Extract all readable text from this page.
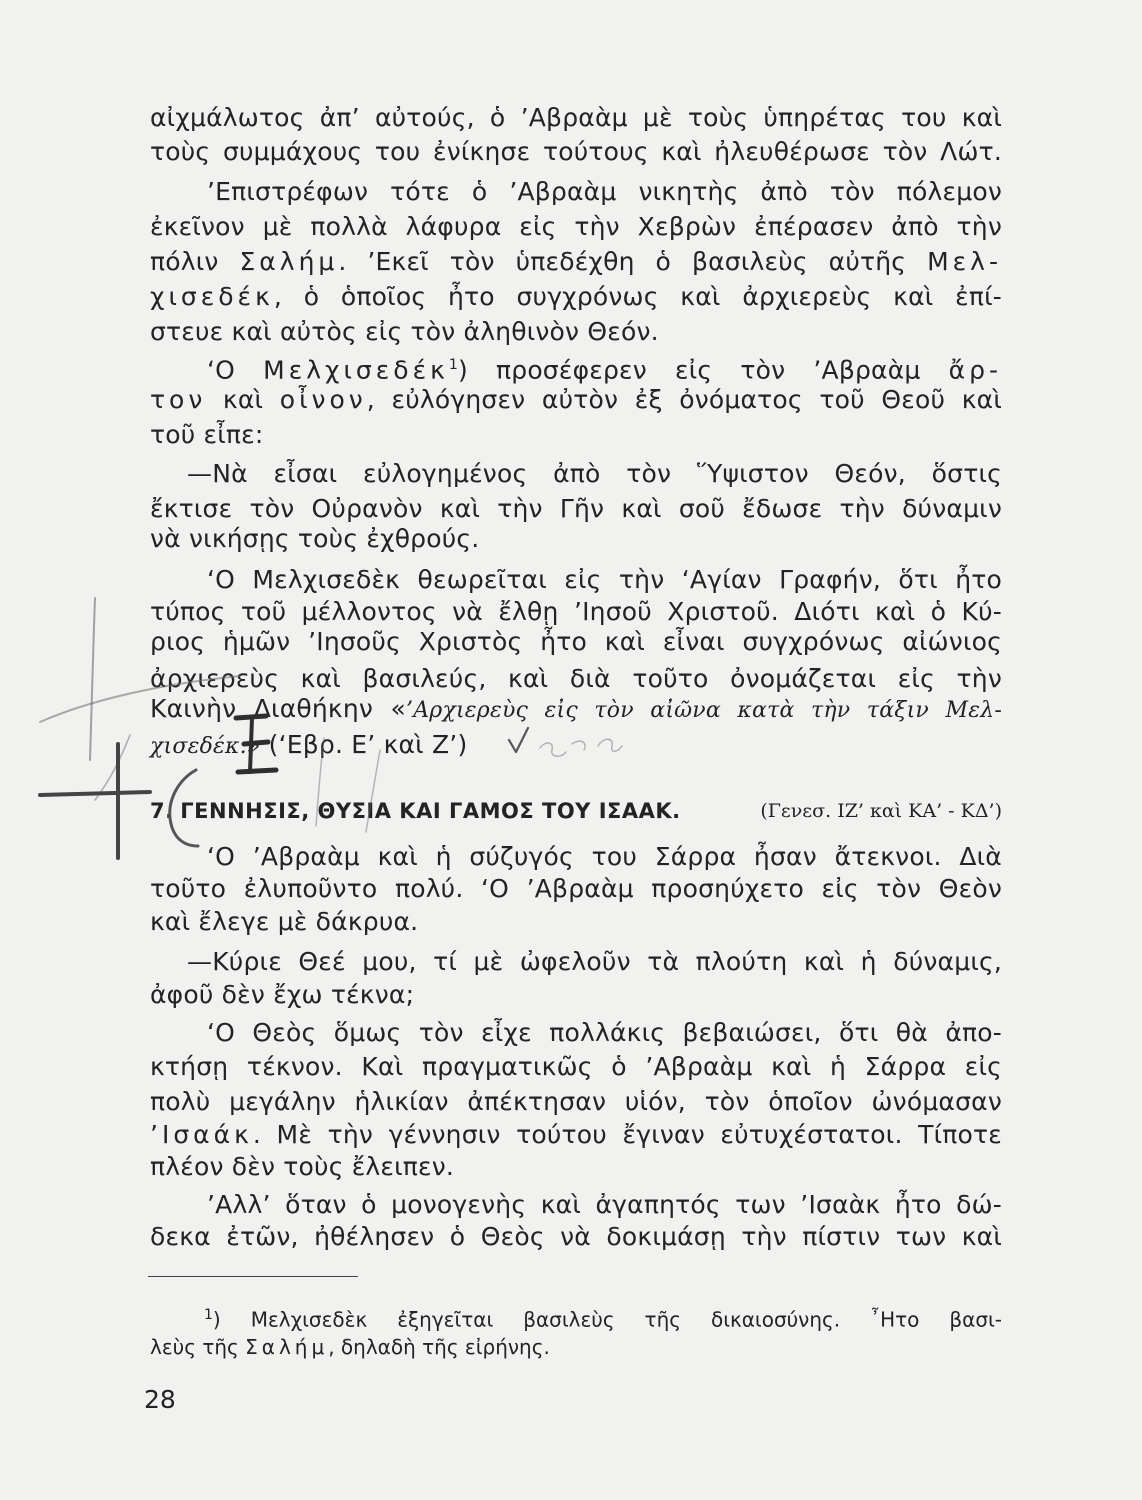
αἰχμάλωτος ἀπ’ αὐτούς, ὁ ’Αβραὰμ μὲ τοὺς ὑπηρέτας του καὶ
τοὺς συμμάχους του ἐνίκησε τούτους καὶ ἠλευθέρωσε τὸν Λώτ.
’Επιστρέφων τότε ὁ ’Αβραὰμ νικητὴς ἀπὸ τὸν πόλεμον
ἐκεῖνον μὲ πολλὰ λάφυρα εἰς τὴν Χεβρὼν ἐπέρασεν ἀπὸ τὴν
πόλιν Σαλήμ. ’Εκεῖ τὸν ὑπεδέχθη ὁ βασιλεὺς αὐτῆς Μελ-
χισεδέκ, ὁ ὁποῖος ἦτο συγχρόνως καὶ ἀρχιερεὺς καὶ ἐπί-
στευε καὶ αὐτὸς εἰς τὸν ἀληθινὸν Θεόν.
‘Ο Μελχισεδέκ$^1$) προσέφερεν εἰς τὸν ’Αβραὰμ ἄρ-
τον καὶ οἶνον, εὐλόγησεν αὐτὸν ἐξ ὀνόματος τοῦ Θεοῦ καὶ
τοῦ εἶπε:
—Νὰ εἶσαι εὐλογημένος ἀπὸ τὸν Ὕψιστον Θεόν, ὅστις
ἔκτισε τὸν Οὐρανὸν καὶ τὴν Γῆν καὶ σοῦ ἔδωσε τὴν δύναμιν
νὰ νικήσῃς τοὺς ἐχθρούς.
‘Ο Μελχισεδὲκ θεωρεῖται εἰς τὴν ‘Αγίαν Γραφήν, ὅτι ἦτο
τύπος τοῦ μέλλοντος νὰ ἔλθῃ ’Ιησοῦ Χριστοῦ. Διότι καὶ ὁ Κύ-
ριος ἡμῶν ’Ιησοῦς Χριστὸς ἦτο καὶ εἶναι συγχρόνως αἰώνιος
ἀρχιερεὺς καὶ βασιλεύς, καὶ διὰ τοῦτο ὀνομάζεται εἰς τὴν
Καινὴν Διαθήκην «’Αρχιερεὺς εἰς τὸν αἰῶνα κατὰ τὴν τάξιν Μελ-
χισεδέκ.» (‘Εβρ. Ε’ καὶ Ζ’)
7. ΓΕΝΝΗΣΙΣ, ΘΥΣΙΑ ΚΑΙ ΓΑΜΟΣ ΤΟΥ ΙΣΑΑΚ.	(Γενεσ. ΙΖ’ καὶ ΚΑ’ - ΚΔ’)
‘Ο ’Αβραὰμ καὶ ἡ σύζυγός του Σάρρα ἦσαν ἄτεκνοι. Διὰ
τοῦτο ἐλυποῦντο πολύ. ‘Ο ’Αβραὰμ προσηύχετο εἰς τὸν Θεὸν
καὶ ἔλεγε μὲ δάκρυα.
—Κύριε Θεέ μου, τί μὲ ὠφελοῦν τὰ πλούτη καὶ ἡ δύναμις,
ἀφοῦ δὲν ἔχω τέκνα;
‘Ο Θεὸς ὅμως τὸν εἶχε πολλάκις βεβαιώσει, ὅτι θὰ ἀπο-
κτήσῃ τέκνον. Καὶ πραγματικῶς ὁ ’Αβραὰμ καὶ ἡ Σάρρα εἰς
πολὺ μεγάλην ἡλικίαν ἀπέκτησαν υἱόν, τὸν ὁποῖον ὠνόμασαν
’Ισαάκ. Μὲ τὴν γέννησιν τούτου ἔγιναν εὐτυχέστατοι. Τίποτε
πλέον δὲν τοὺς ἔλειπεν.
’Αλλ’ ὅταν ὁ μονογενὴς καὶ ἀγαπητός των ’Ισαὰκ ἦτο δώ-
δεκα ἐτῶν, ἠθέλησεν ὁ Θεὸς νὰ δοκιμάσῃ τὴν πίστιν των καὶ
$^1$) Μελχισεδὲκ ἐξηγεῖται βασιλεὺς τῆς δικαιοσύνης. ῏Ητο βασι-
λεὺς τῆς Σαλήμ, δηλαδὴ τῆς εἰρήνης.
28
